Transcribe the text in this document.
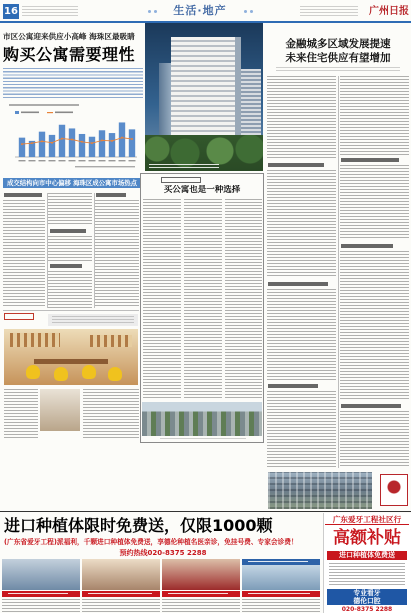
16	生活·地产	广州日报
市区公寓迎来供应小高峰 海珠区最吸睛
购买公寓需要理性
金融城多区域发展提速
未来住宅供应有望增加
成交结构向市中心偏移 海珠区成公寓市场热点
买公寓也是一种选择
进口种植体限时免费送，仅限1000颗
(广东省爱牙工程)派福利，千颗进口种植体免费送，享德伦种植名医亲诊，免挂号费、专家会诊费！
预约热线020-8375 2288
广东爱牙工程社区行
高额补贴
进口种植体免费送
专业看牙
德伦口腔
020-8375 2288
